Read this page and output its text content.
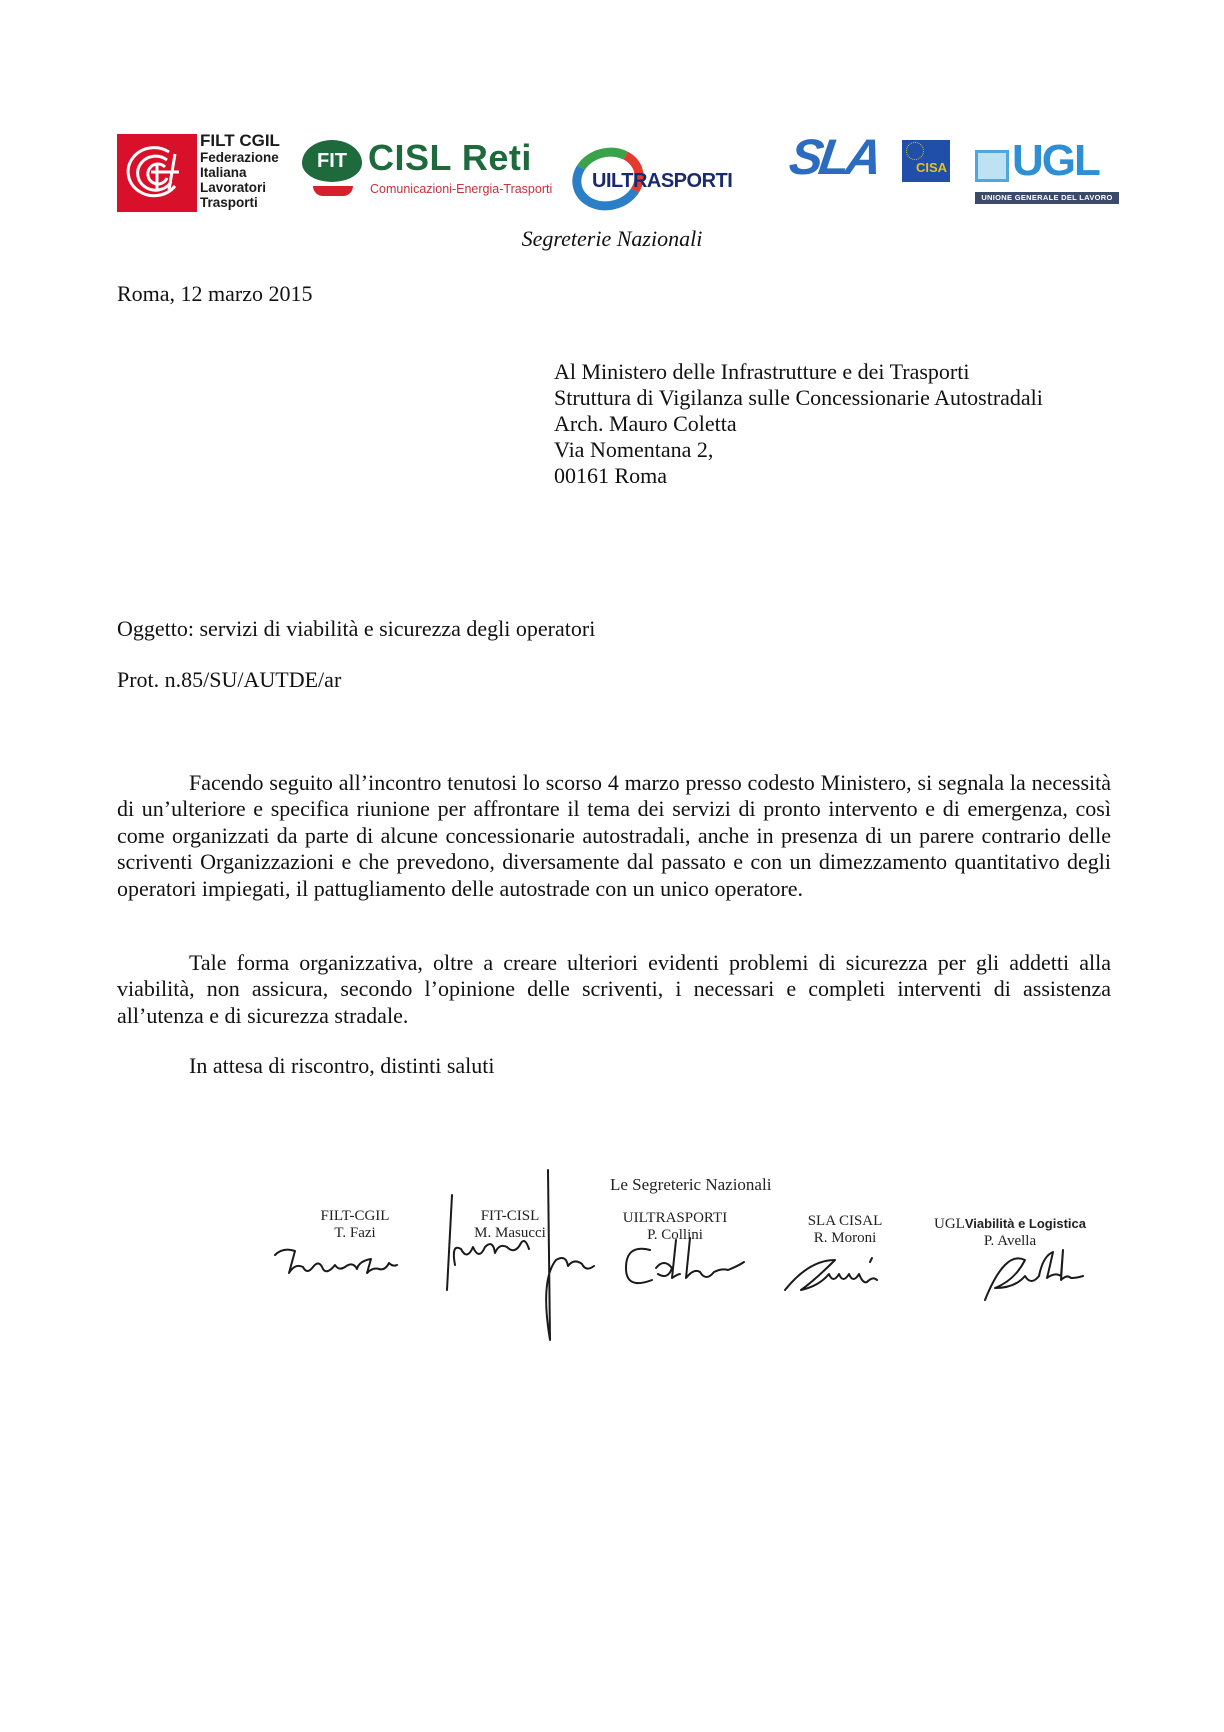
FILT CGIL
Federazione
Italiana
Lavoratori
Trasporti
FIT CISL Reti
Comunicazioni-Energia-Trasporti UILTRASPORTI SLA	CISA UGL
UNIONE GENERALE DEL LAVORO
Segreterie Nazionali
Roma, 12 marzo 2015
Al Ministero delle Infrastrutture e dei Trasporti
Struttura di Vigilanza sulle Concessionarie Autostradali
Arch. Mauro Coletta
Via Nomentana 2,
00161 Roma
Oggetto: servizi di viabilità e sicurezza degli operatori
Prot. n.85/SU/AUTDE/ar
Facendo seguito all’incontro tenutosi lo scorso 4 marzo presso codesto Ministero, si segnala la necessità di un’ulteriore e specifica riunione per affrontare il tema dei servizi di pronto intervento e di emergenza, così come organizzati da parte di alcune concessionarie autostradali, anche in presenza di un parere contrario delle scriventi Organizzazioni e che prevedono, diversamente dal passato e con un dimezzamento quantitativo degli operatori impiegati, il pattugliamento delle autostrade con un unico operatore.
Tale forma organizzativa, oltre a creare ulteriori evidenti problemi di sicurezza per gli addetti alla viabilità, non assicura, secondo l’opinione delle scriventi, i necessari e completi interventi di assistenza all’utenza e di sicurezza stradale.
In attesa di riscontro, distinti saluti
Le Segreteric Nazionali
FILT-CGIL
T. Fazi
FIT-CISL
M. Masucci
UILTRASPORTI
P. Collini
SLA CISAL
R. Moroni
UGLViabilità e Logistica
P. Avella
